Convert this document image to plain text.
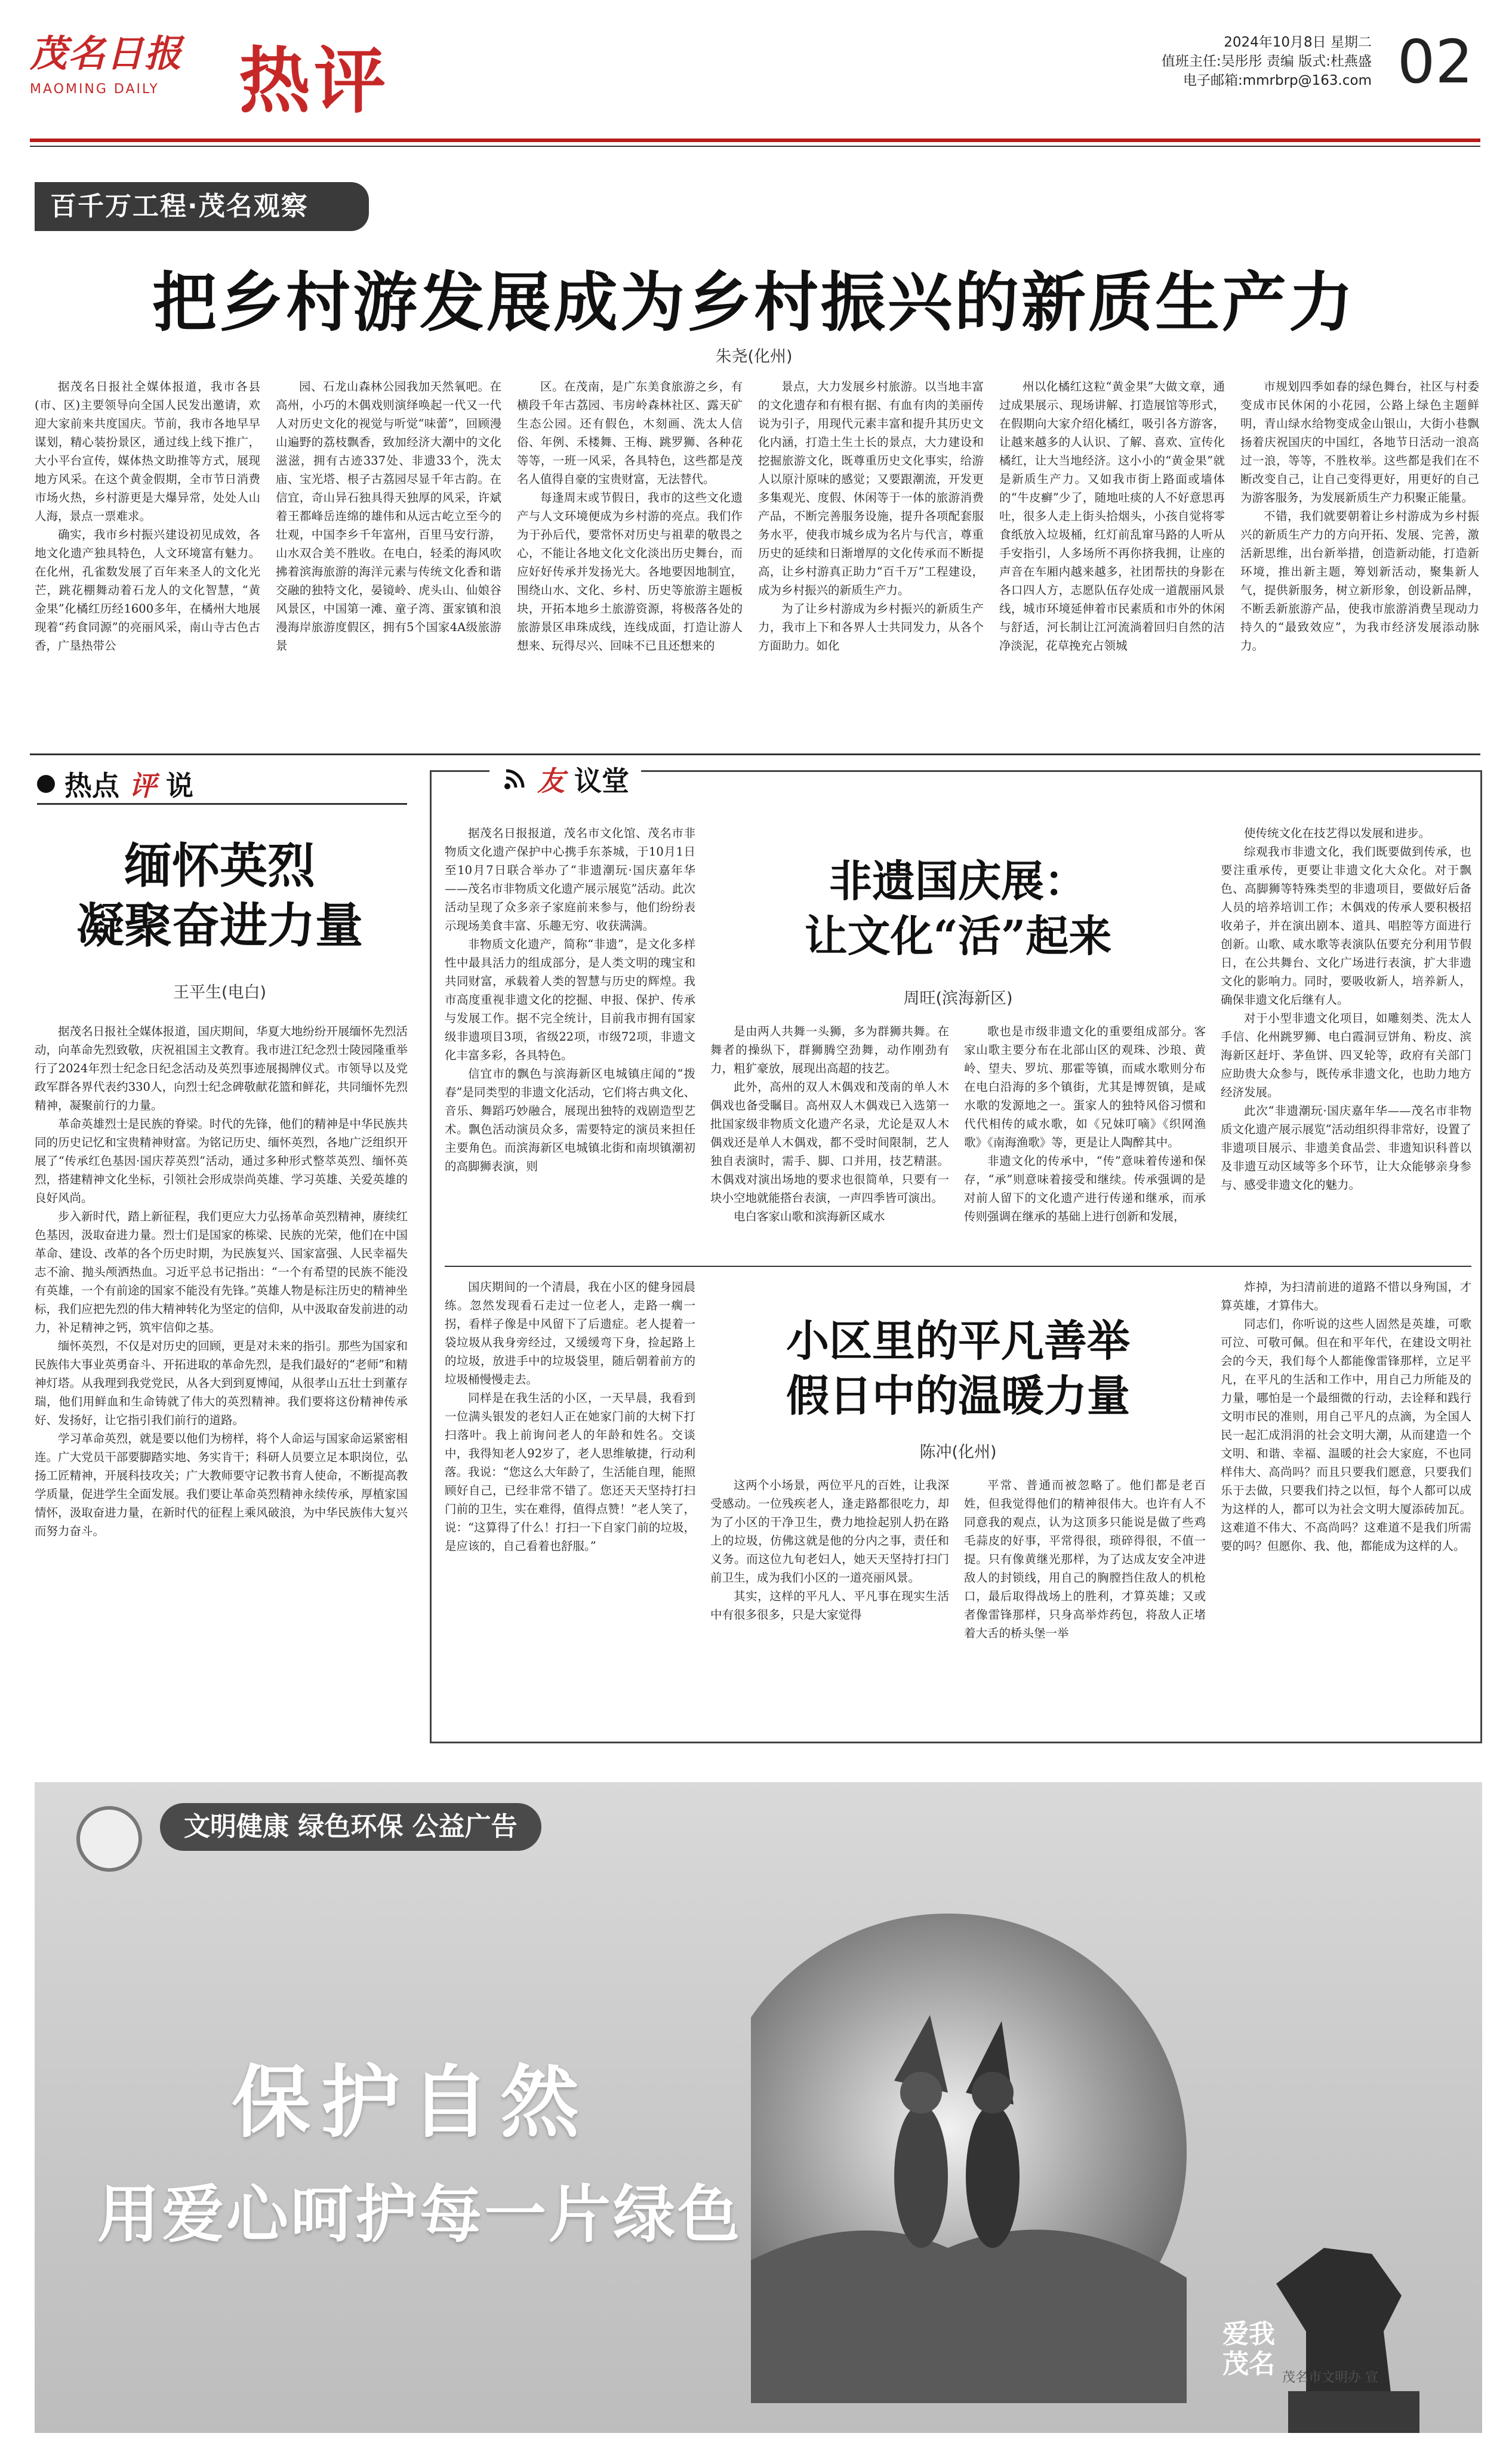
茂名日报
MAOMING DAILY	热评	2024年10月8日 星期二
值班主任:吴彤彤 责编 版式:杜燕盛
电子邮箱:mmrbrp@163.com 02
百千万工程·茂名观察
把乡村游发展成为乡村振兴的新质生产力
朱尧(化州)

据茂名日报社全媒体报道，我市各县(市、区)主要领导向全国人民发出邀请，欢迎大家前来共度国庆。节前，我市各地早早谋划，精心装扮景区，通过线上线下推广，大小平台宣传，媒体热文助推等方式，展现地方风采。在这个黄金假期，全市节日消费市场火热，乡村游更是大爆异常，处处人山人海，景点一票难求。

确实，我市乡村振兴建设初见成效，各地文化遗产独具特色，人文环境富有魅力。在化州，孔雀数发展了百年来圣人的文化光芒，跳花棚舞动着石龙人的文化智慧，“黄金果”化橘红历经1600多年，在橘州大地展现着“药食同源”的亮丽风采，南山寺古色古香，广垦热带公

园、石龙山森林公园我加天然氧吧。在高州，小巧的木偶戏则演绎唤起一代又一代人对历史文化的视觉与听觉“味蕾”，回顾漫山遍野的荔枝飘香，致加经济大潮中的文化滋滋，拥有古迹337处、非遗33个，洗太庙、宝光塔、根子古荔园尽显千年古韵。在信宜，奇山异石独具得天独厚的风采，许斌着王都峰岳连绵的雄伟和从远古屹立至今的壮观，中国李乡千年富州，百里马安行游，山水双合美不胜收。在电白，轻柔的海风吹拂着滨海旅游的海洋元素与传统文化香和谐交融的独特文化，晏镜岭、虎头山、仙娘谷风景区，中国第一滩、童子湾、蛋家镇和浪漫海岸旅游度假区，拥有5个国家4A级旅游景

区。在茂南，是广东美食旅游之乡，有横段千年古荔园、韦房岭森林社区、露天矿生态公园。还有假色，木刻画、洗太人信俗、年例、禾楼舞、王梅、跳罗狮、各种花等等，一班一风采，各具特色，这些都是茂名人值得自豪的宝贵财富，无法替代。

每逢周末或节假日，我市的这些文化遗产与人文环境便成为乡村游的亮点。我们作为于孙后代，要常怀对历史与祖辈的敬畏之心，不能让各地文化文化淡出历史舞台，而应好好传承并发扬光大。各地要因地制宜，围绕山水、文化、乡村、历史等旅游主题板块，开拓本地乡土旅游资源，将极落各处的旅游景区串珠成线，连线成面，打造让游人想来、玩得尽兴、回味不已且还想来的

景点，大力发展乡村旅游。以当地丰富的文化遗存和有根有据、有血有肉的美丽传说为引子，用现代元素丰富和提升其历史文化内涵，打造土生土长的景点，大力建设和挖掘旅游文化，既尊重历史文化事实，给游人以原汁原味的感觉；又要跟潮流，开发更多集观光、度假、休闲等于一体的旅游消费产品，不断完善服务设施，提升各项配套服务水平，使我市城乡成为名片与代言，尊重历史的延续和日渐增厚的文化传承而不断提高，让乡村游真正助力“百千万”工程建设，成为乡村振兴的新质生产力。

为了让乡村游成为乡村振兴的新质生产力，我市上下和各界人士共同发力，从各个方面助力。如化

州以化橘红这粒“黄金果”大做文章，通过成果展示、现场讲解、打造展馆等形式，在假期向大家介绍化橘红，吸引各方游客，让越来越多的人认识、了解、喜欢、宣传化橘红，让大当地经济。这小小的“黄金果”就是新质生产力。又如我市街上路面或墙体的“牛皮癣”少了，随地吐痰的人不好意思再吐，很多人走上街头拾烟头，小孩自觉将零食纸放入垃圾桶，红灯前乱窜马路的人听从手安指引，人多场所不再你挤我拥，让座的声音在车厢内越来越多，社团帮扶的身影在各口四人方，志愿队伍存处成一道靓丽风景线，城市环境延伸着市民素质和市外的休闲与舒适，河长制让江河流淌着回归自然的洁净淡泥，花草挽充占领城

市规划四季如春的绿色舞台，社区与村委变成市民休闲的小花园，公路上绿色主题鲜明，青山绿水给物变成金山银山，大街小巷飘扬着庆祝国庆的中国红，各地节日活动一浪高过一浪，等等，不胜枚举。这些都是我们在不断改变自己，让自己变得更好，用更好的自己为游客服务，为发展新质生产力积聚正能量。

不错，我们就要朝着让乡村游成为乡村振兴的新质生产力的方向开拓、发展、完善，激活新思维，出台新举措，创造新动能，打造新环境，推出新主题，筹划新活动，聚集新人气，提供新服务，树立新形象，创设新品牌，不断丢新旅游产品，使我市旅游消费呈现动力持久的“最致效应”，为我市经济发展添动脉力。

热点 评 说
缅怀英烈
凝聚奋进力量
王平生(电白)

据茂名日报社全媒体报道，国庆期间，华夏大地纷纷开展缅怀先烈活动，向革命先烈致敬，庆祝祖国主文教育。我市进江纪念烈士陵园隆重举行了2024年烈士纪念日纪念活动及英烈事迹展揭牌仪式。市领导以及党政军群各界代表约330人，向烈士纪念碑敬献花篮和鲜花，共同缅怀先烈精神，凝聚前行的力量。

革命英雄烈士是民族的脊梁。时代的先锋，他们的精神是中华民族共同的历史记忆和宝贵精神财富。为铭记历史、缅怀英烈，各地广泛组织开展了“传承红色基因·国庆荐英烈”活动，通过多种形式整萃英烈、缅怀英烈，搭建精神文化坐标，引领社会形成崇尚英雄、学习英雄、关爱英雄的良好风尚。

步入新时代，踏上新征程，我们更应大力弘扬革命英烈精神，赓续红色基因，汲取奋进力量。烈士们是国家的栋梁、民族的光荣，他们在中国革命、建设、改革的各个历史时期，为民族复兴、国家富强、人民幸福失志不渝、抛头颅洒热血。习近平总书记指出：“一个有希望的民族不能没有英雄，一个有前途的国家不能没有先锋。”英雄人物是标注历史的精神坐标，我们应把先烈的伟大精神转化为坚定的信仰，从中汲取奋发前进的动力，补足精神之钙，筑牢信仰之基。

缅怀英烈，不仅是对历史的回顾，更是对未来的指引。那些为国家和民族伟大事业英勇奋斗、开拓进取的革命先烈，是我们最好的“老师”和精神灯塔。从我理到我党党民，从各大到到夏博闻，从很孝山五壮士到董存瑞，他们用鲜血和生命铸就了伟大的英烈精神。我们要将这份精神传承好、发扬好，让它指引我们前行的道路。

学习革命英烈，就是要以他们为榜样，将个人命运与国家命运紧密相连。广大党员干部要脚踏实地、务实肯干；科研人员要立足本职岗位，弘扬工匠精神，开展科技攻关；广大教师要守记教书育人使命，不断提高教学质量，促进学生全面发展。我们要让革命英烈精神永续传承，厚植家国情怀，汲取奋进力量，在新时代的征程上乘风破浪，为中华民族伟大复兴而努力奋斗。

友 议堂

据茂名日报报道，茂名市文化馆、茂名市非物质文化遗产保护中心携手东茶城，于10月1日至10月7日联合举办了“非遗潮玩·国庆嘉年华——茂名市非物质文化遗产展示展览”活动。此次活动呈现了众多亲子家庭前来参与，他们纷纷表示现场美食丰富、乐趣无穷、收获满满。

非物质文化遗产，简称“非遗”，是文化多样性中最具活力的组成部分，是人类文明的瑰宝和共同财富，承载着人类的智慧与历史的辉煌。我市高度重视非遗文化的挖掘、申报、保护、传承与发展工作。据不完全统计，目前我市拥有国家级非遗项目3项，省级22项，市级72项，非遗文化丰富多彩，各具特色。

信宜市的飘色与滨海新区电城镇庄闻的“拨春”是同类型的非遗文化活动，它们将古典文化、音乐、舞蹈巧妙融合，展现出独特的戏剧造型艺术。飘色活动演员众多，需要特定的演员来担任主要角色。而滨海新区电城镇北街和南坝镇潮初的高脚狮表演，则

非遗国庆展：
让文化“活”起来
周旺(滨海新区)

是由两人共舞一头狮，多为群狮共舞。在舞者的操纵下，群狮腾空劲舞，动作刚劲有力，粗犷豪放，展现出高超的技艺。

此外，高州的双人木偶戏和茂南的单人木偶戏也备受瞩目。高州双人木偶戏已入选第一批国家级非物质文化遗产名录，尤论是双人木偶戏还是单人木偶戏，都不受时间限制，艺人独自表演时，需手、脚、口并用，技艺精湛。木偶戏对演出场地的要求也很简单，只要有一块小空地就能搭台表演，一声四季皆可演出。

电白客家山歌和滨海新区咸水

歌也是市级非遗文化的重要组成部分。客家山歌主要分布在北部山区的观珠、沙琅、黄岭、望夫、罗坑、那霍等镇，而咸水歌则分布在电白沿海的多个镇街，尤其是博贺镇，是咸水歌的发源地之一。蛋家人的独特风俗习惯和代代相传的咸水歌，如《兄妹叮嘀》《织网渔歌》《南海渔歌》等，更是让人陶醉其中。

非遗文化的传承中，“传”意味着传递和保存，“承”则意味着接受和继续。传承强调的是对前人留下的文化遗产进行传递和继承，而承传则强调在继承的基础上进行创新和发展，

使传统文化在技艺得以发展和进步。

综观我市非遗文化，我们既要做到传承，也要注重承传，更要让非遗文化大众化。对于飘色、高脚狮等特殊类型的非遗项目，要做好后备人员的培养培训工作；木偶戏的传承人要积极招收弟子，并在演出剧本、道具、唱腔等方面进行创新。山歌、咸水歌等表演队伍要充分利用节假日，在公共舞台、文化广场进行表演，扩大非遗文化的影响力。同时，要吸收新人，培养新人，确保非遗文化后继有人。

对于小型非遗文化项目，如雕刻类、洗太人手信、化州跳罗狮、电白霞洞豆饼角、粉皮、滨海新区赶圩、茅鱼饼、四叉轮等，政府有关部门应助贵大众参与，既传承非遗文化，也助力地方经济发展。

此次“非遗潮玩·国庆嘉年华——茂名市非物质文化遗产展示展览”活动组织得非常好，设置了非遗项目展示、非遗美食品尝、非遗知识科普以及非遗互动区域等多个环节，让大众能够亲身参与、感受非遗文化的魅力。

国庆期间的一个清晨，我在小区的健身园晨练。忽然发现看石走过一位老人，走路一瘸一拐，看样子像是中风留下了后遗症。老人提着一袋垃圾从我身旁经过，又缓缓弯下身，捡起路上的垃圾，放进手中的垃圾袋里，随后朝着前方的垃圾桶慢慢走去。

同样是在我生活的小区，一天早晨，我看到一位满头银发的老妇人正在她家门前的大树下打扫落叶。我上前询问老人的年龄和姓名。交谈中，我得知老人92岁了，老人思维敏捷，行动利落。我说：“您这么大年龄了，生活能自理，能照顾好自己，已经非常不错了。您还天天坚持打扫门前的卫生，实在难得，值得点赞！”老人笑了，说：“这算得了什么！打扫一下自家门前的垃圾，是应该的，自己看着也舒服。”

小区里的平凡善举
假日中的温暖力量
陈冲(化州)

这两个小场景，两位平凡的百姓，让我深受感动。一位残疾老人，逢走路都很吃力，却为了小区的干净卫生，费力地捡起别人扔在路上的垃圾，仿佛这就是他的分内之事，责任和义务。而这位九旬老妇人，她天天坚持打扫门前卫生，成为我们小区的一道亮丽风景。

其实，这样的平凡人、平凡事在现实生活中有很多很多，只是大家觉得

平常、普通而被忽略了。他们都是老百姓，但我觉得他们的精神很伟大。也许有人不同意我的观点，认为这顶多只能说是做了些鸡毛蒜皮的好事，平常得很，琐碎得很，不值一提。只有像黄继光那样，为了达成友安全冲进敌人的封锁线，用自己的胸膛挡住敌人的机枪口，最后取得战场上的胜利，才算英雄；又或者像雷锋那样，只身高举炸药包，将敌人正堵着大舌的桥头堡一举

炸掉，为扫清前进的道路不惜以身殉国，才算英雄，才算伟大。

同志们，你听说的这些人固然是英雄，可歌可泣、可敬可佩。但在和平年代，在建设文明社会的今天，我们每个人都能像雷锋那样，立足平凡，在平凡的生活和工作中，用自己力所能及的力量，哪怕是一个最细微的行动，去诠释和践行文明市民的准则，用自己平凡的点滴，为全国人民一起汇成涓涓的社会文明大潮，从而建造一个文明、和谐、幸福、温暖的社会大家庭，不也同样伟大、高尚吗？而且只要我们愿意，只要我们乐于去做，只要我们持之以恒，每个人都可以成为这样的人，都可以为社会文明大厦添砖加瓦。这难道不伟大、不高尚吗？这难道不是我们所需要的吗？但愿你、我、他，都能成为这样的人。

文明健康 绿色环保 公益广告
保护自然
用爱心呵护每一片绿色
爱我
茂名 茂名市文明办 宣
